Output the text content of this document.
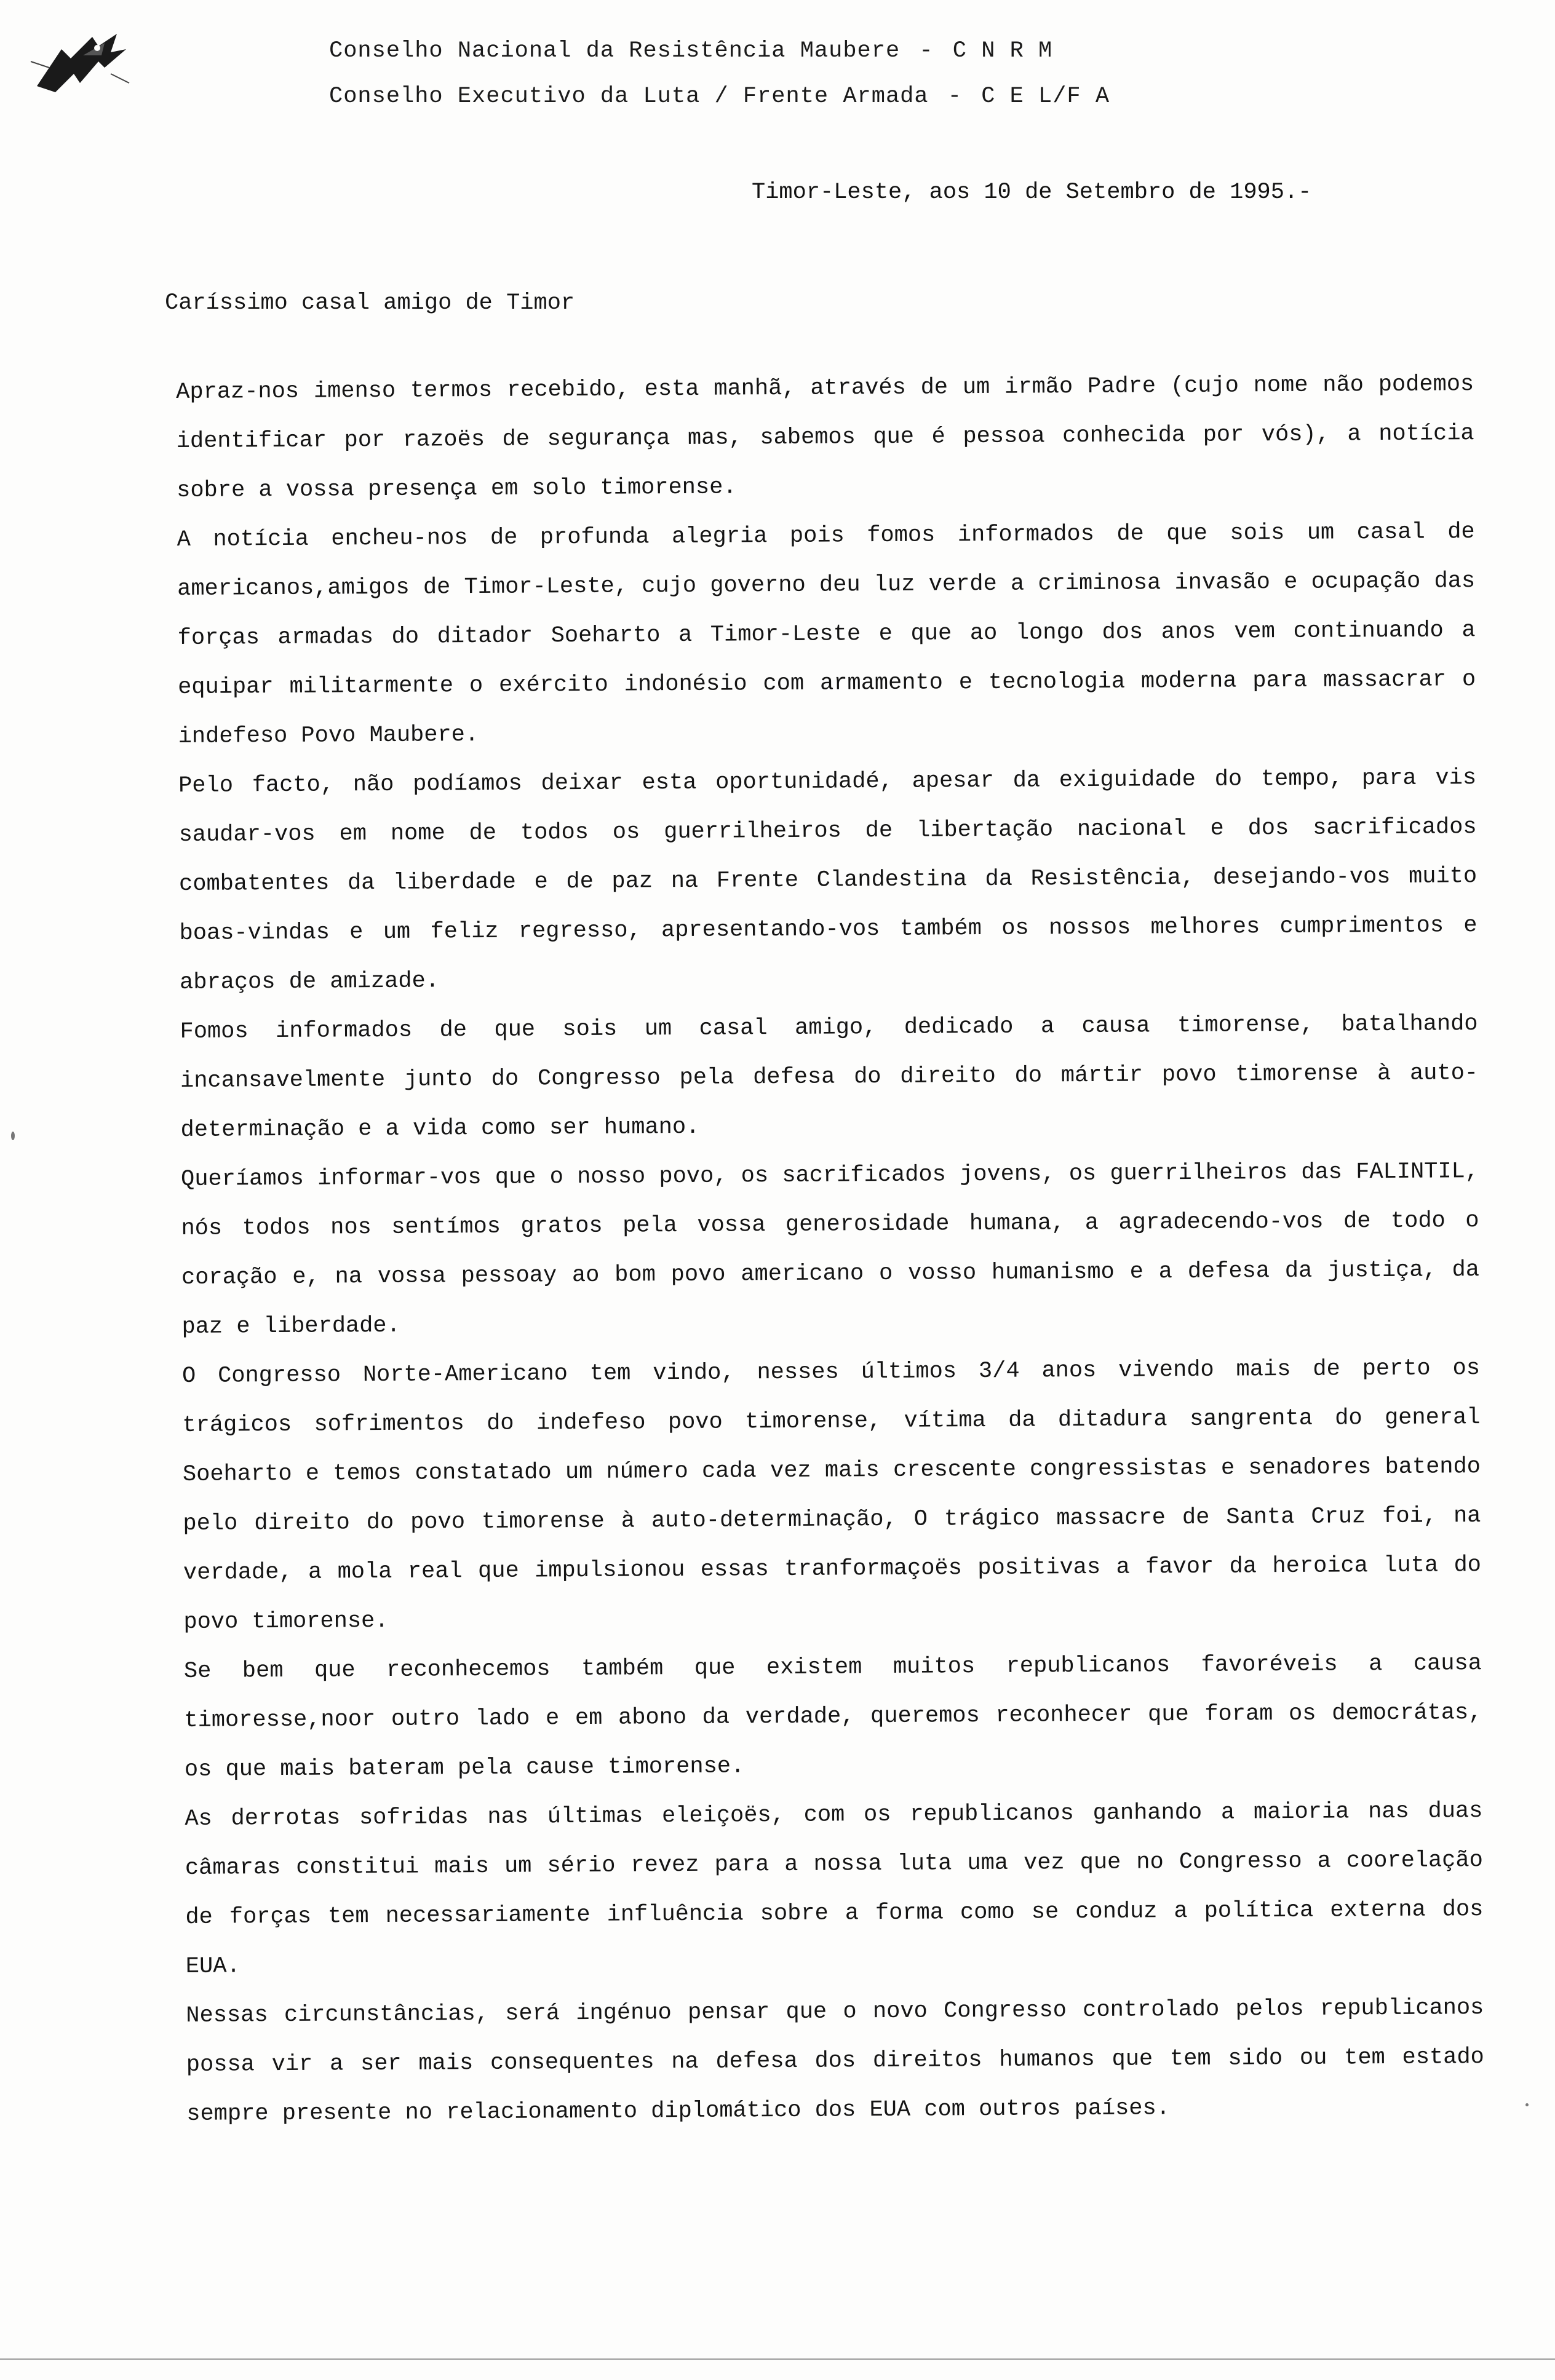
Conselho Nacional da Resistência Maubere - C N R M
Conselho Executivo da Luta / Frente Armada - C E L/F A
Timor-Leste, aos 10 de Setembro de 1995.-
Caríssimo casal amigo de Timor

Apraz-nos imenso termos recebido, esta manhã, através de um irmão Padre (cujo nome não podemos identificar por razoës de segurança mas, sabemos que é pessoa conhecida por vós), a notícia sobre a vossa presença em solo timorense.

A notícia encheu-nos de profunda alegria pois fomos informados de que sois um casal de americanos,amigos de Timor-Leste, cujo governo deu luz verde a criminosa invasão e ocupação das forças armadas do ditador Soeharto a Timor-Leste e que ao longo dos anos vem continuando a equipar militarmente o exército indonésio com armamento e tecnologia moderna para massacrar o indefeso Povo Maubere.

Pelo facto, não podíamos deixar esta oportunidadé, apesar da exiguidade do tempo, para vis saudar-vos em nome de todos os guerrilheiros de libertação nacional e dos sacrificados combatentes da liberdade e de paz na Frente Clandestina da Resistência, desejando-vos muito boas-vindas e um feliz regresso, apresentando-vos também os nossos melhores cumprimentos e abraços de amizade.

Fomos informados de que sois um casal amigo, dedicado a causa timorense, batalhando incansavelmente junto do Congresso pela defesa do direito do mártir povo timorense à auto-determinação e a vida como ser humano.

Queríamos informar-vos que o nosso povo, os sacrificados jovens, os guerrilheiros das FALINTIL, nós todos nos sentímos gratos pela vossa generosidade humana, a agradecendo-vos de todo o coração e, na vossa pessoay ao bom povo americano o vosso humanismo e a defesa da justiça, da paz e liberdade.

O Congresso Norte-Americano tem vindo, nesses últimos 3/4 anos vivendo mais de perto os trágicos sofrimentos do indefeso povo timorense, vítima da ditadura sangrenta do general Soeharto e temos constatado um número cada vez mais crescente congressistas e senadores batendo pelo direito do povo timorense à auto-determinação, O trágico massacre de Santa Cruz foi, na verdade, a mola real que impulsionou essas tranformaçoës positivas a favor da heroica luta do povo timorense.

Se bem que reconhecemos também que existem muitos republicanos favoréveis a causa timoresse,noor outro lado e em abono da verdade, queremos reconhecer que foram os democrátas, os que mais bateram pela cause timorense.

As derrotas sofridas nas últimas eleiçoës, com os republicanos ganhando a maioria nas duas câmaras constitui mais um sério revez para a nossa luta uma vez que no Congresso a coorelação de forças tem necessariamente influência sobre a forma como se conduz a política externa dos EUA.

Nessas circunstâncias, será ingénuo pensar que o novo Congresso controlado pelos republicanos possa vir a ser mais consequentes na defesa dos direitos humanos que tem sido ou tem estado sempre presente no relacionamento diplomático dos EUA com outros países.
